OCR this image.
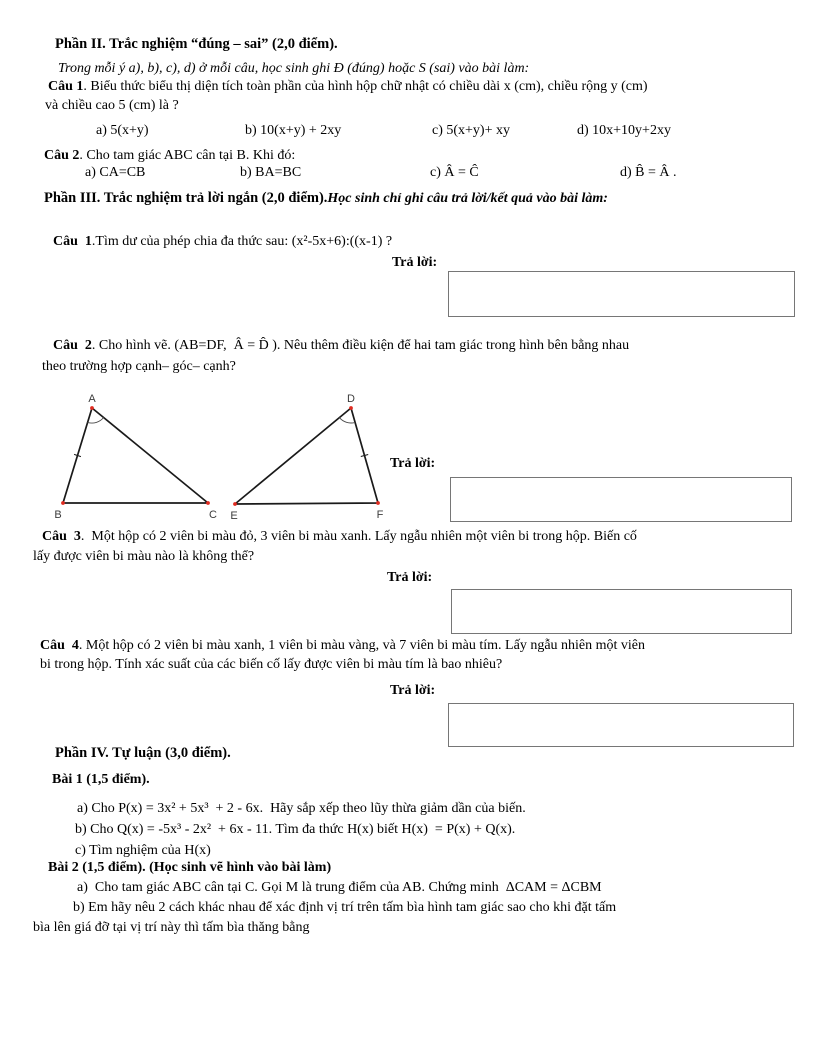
Phần II. Trắc nghiệm “đúng – sai” (2,0 điểm).
Trong mỗi ý a), b), c), d) ở mỗi câu, học sinh ghi Đ (đúng) hoặc S (sai) vào bài làm:
Câu 1. Biểu thức biểu thị diện tích toàn phần của hình hộp chữ nhật có chiều dài x (cm), chiều rộng y (cm)
và chiều cao 5 (cm) là ?
a) 5(x+y)	b) 10(x+y) + 2xy	c) 5(x+y)+ xy	d) 10x+10y+2xy
Câu 2. Cho tam giác ABC cân tại B. Khi đó:
a) CA=CB	b) BA=BC	c) Â = Ĉ	d) B̂ = Â .
Phần III. Trắc nghiệm trả lời ngắn (2,0 điểm).Học sinh chỉ ghi câu trả lời/kết quả vào bài làm:
Câu  1.Tìm dư của phép chia đa thức sau: (x²-5x+6):((x-1) ?
Trả lời:
Câu  2. Cho hình vẽ. (AB=DF,  Â = D̂ ). Nêu thêm điều kiện để hai tam giác trong hình bên bằng nhau
theo trường hợp cạnh– góc– cạnh?
A
B	C
D
E	F
Trả lời:
Câu  3.  Một hộp có 2 viên bi màu đỏ, 3 viên bi màu xanh. Lấy ngẫu nhiên một viên bi trong hộp. Biến cố
lấy được viên bi màu nào là không thể?
Trả lời:
Câu  4. Một hộp có 2 viên bi màu xanh, 1 viên bi màu vàng, và 7 viên bi màu tím. Lấy ngẫu nhiên một viên
bi trong hộp. Tính xác suất của các biến cố lấy được viên bi màu tím là bao nhiêu?
Trả lời:
Phần IV. Tự luận (3,0 điểm).
Bài 1 (1,5 điểm).
a) Cho P(x) = 3x² + 5x³  + 2 - 6x.  Hãy sắp xếp theo lũy thừa giảm dần của biến.
b) Cho Q(x) = -5x³ - 2x²  + 6x - 11. Tìm đa thức H(x) biết H(x)  = P(x) + Q(x).
c) Tìm nghiệm của H(x)
Bài 2 (1,5 điểm). (Học sinh vẽ hình vào bài làm)
a)  Cho tam giác ABC cân tại C. Gọi M là trung điểm của AB. Chứng minh  ΔCAM = ΔCBM
b) Em hãy nêu 2 cách khác nhau để xác định vị trí trên tấm bìa hình tam giác sao cho khi đặt tấm
bìa lên giá đỡ tại vị trí này thì tấm bìa thăng bằng
